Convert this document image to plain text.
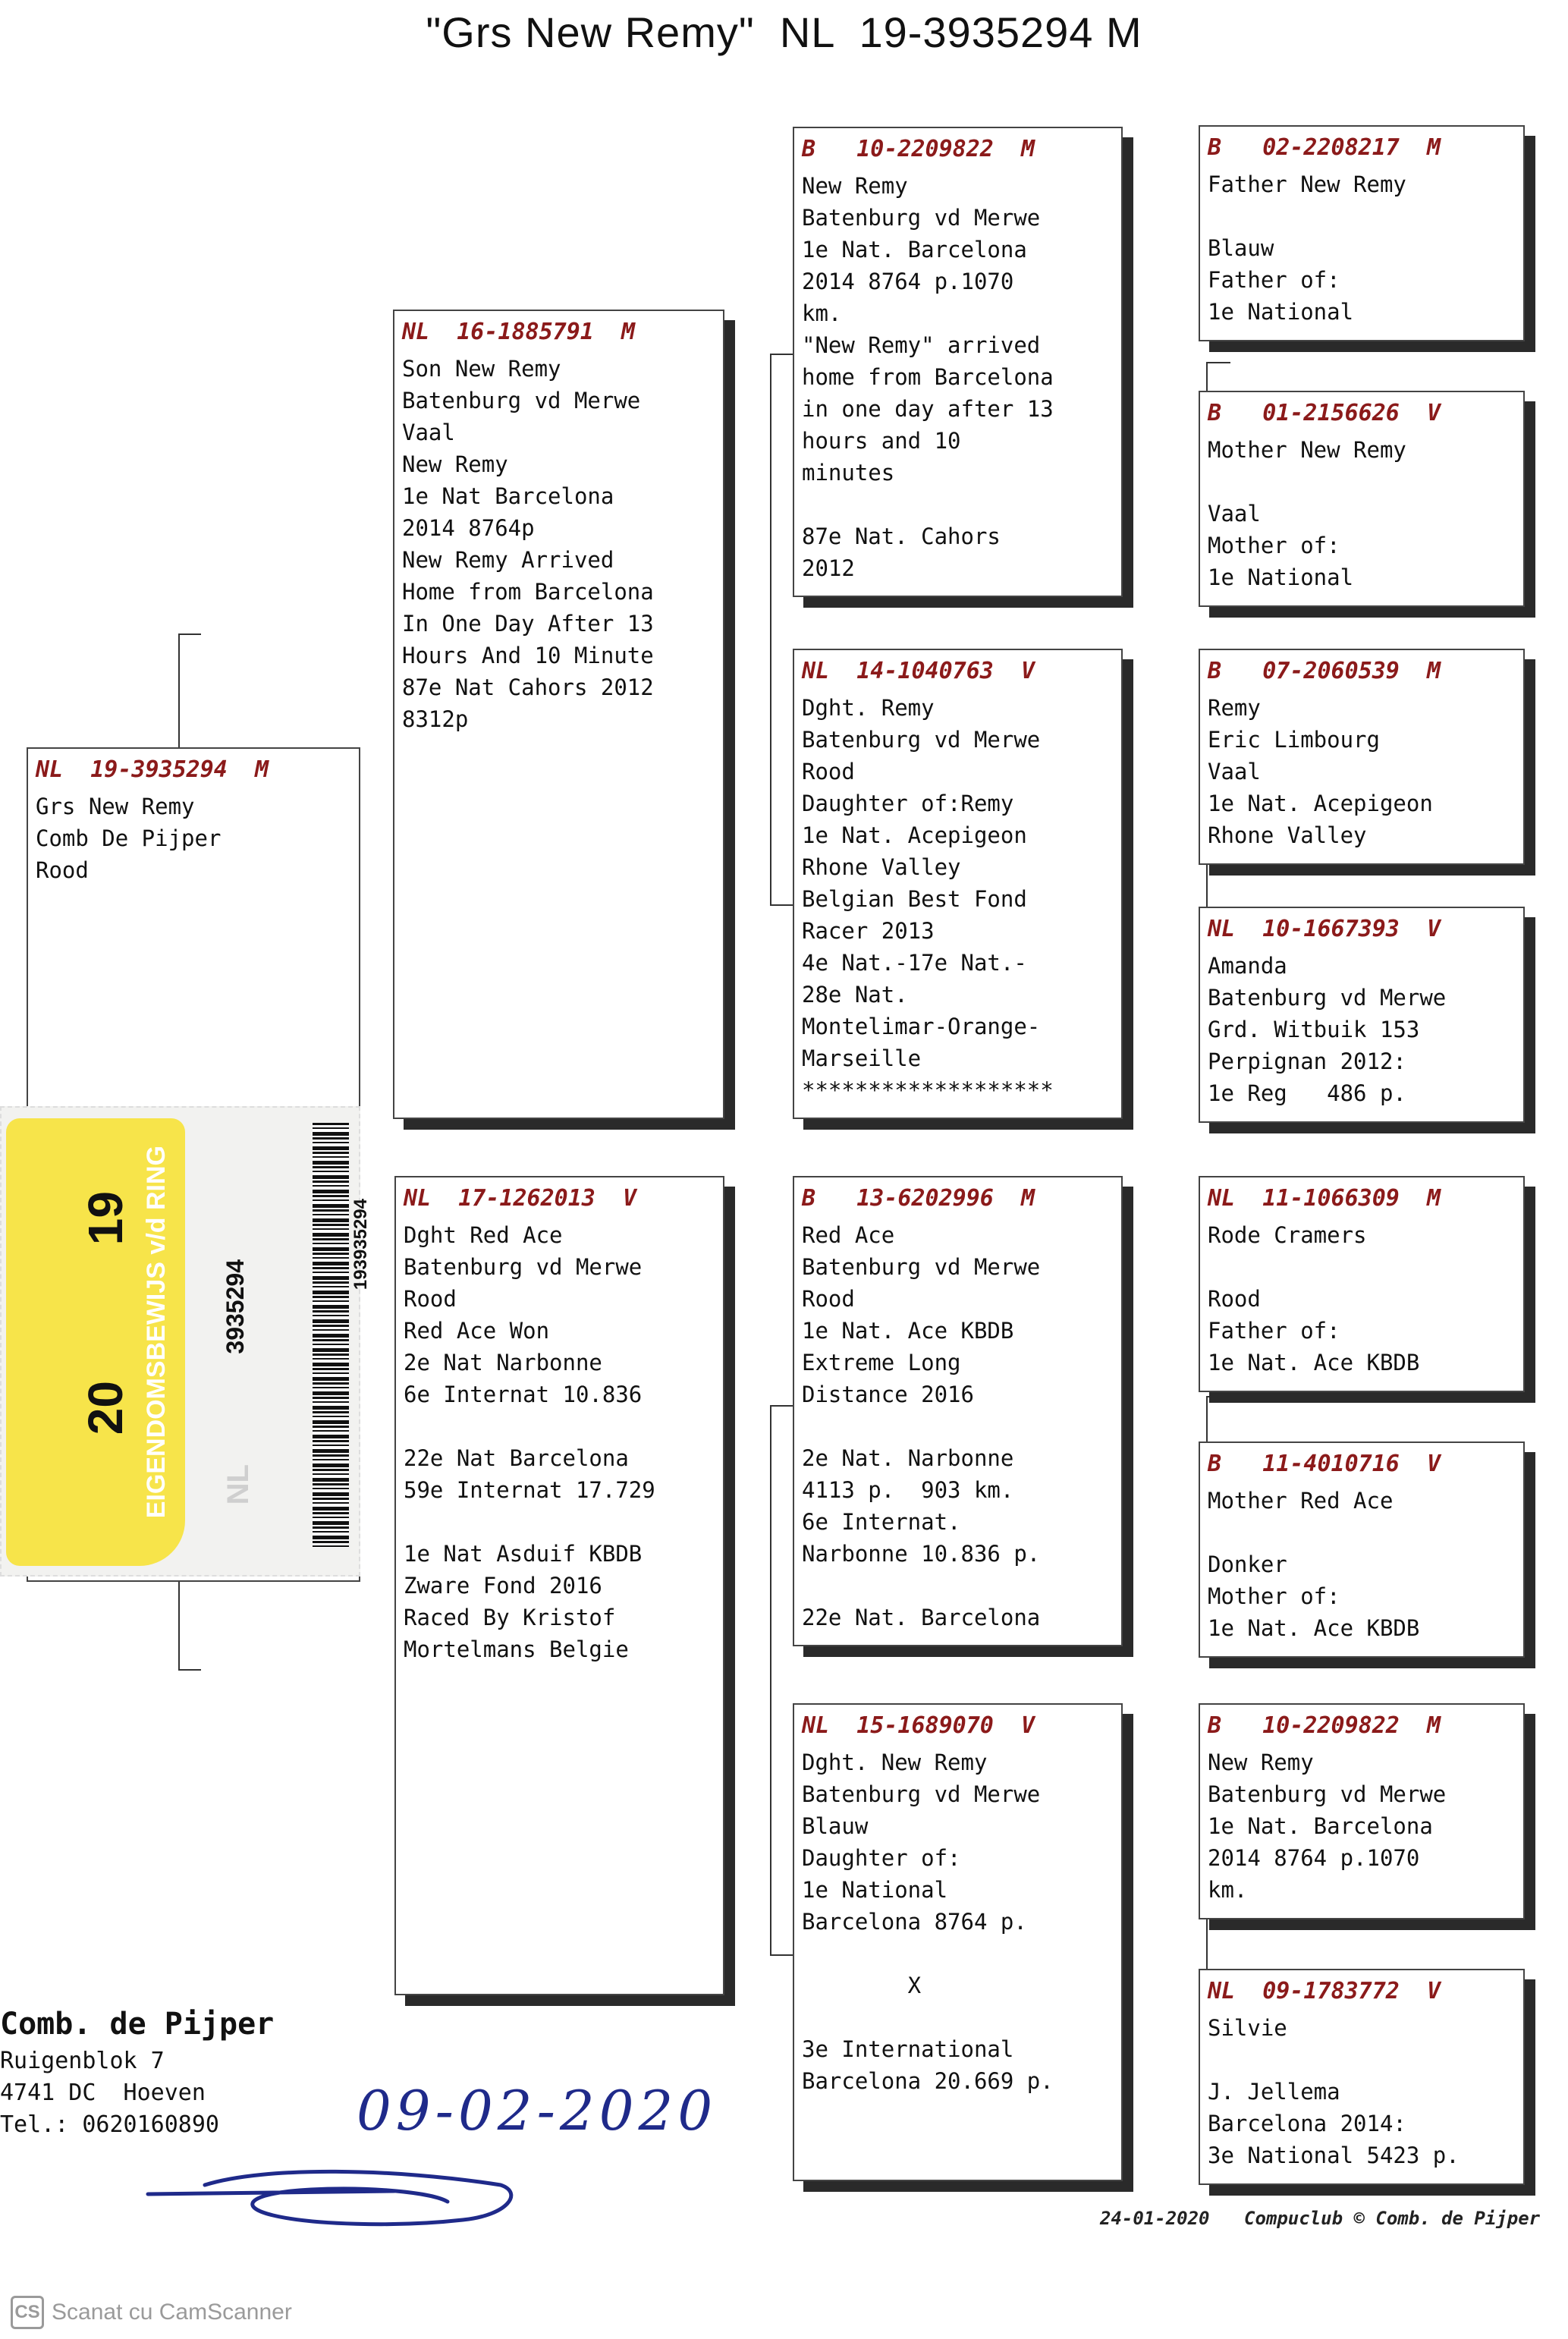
"Grs New Remy"  NL  19-3935294 M
NL  19-3935294  M
Grs New Remy
Comb De Pijper
Rood
20
19 EIGENDOMSBEWIJS v/d RING NL
3935294
193935294
NL  16-1885791  M
Son New Remy
Batenburg vd Merwe
Vaal
New Remy
1e Nat Barcelona
2014 8764p
New Remy Arrived
Home from Barcelona
In One Day After 13
Hours And 10 Minute
87e Nat Cahors 2012
8312p
NL  17-1262013  V
Dght Red Ace
Batenburg vd Merwe
Rood
Red Ace Won
2e Nat Narbonne
6e Internat 10.836
22e Nat Barcelona
59e Internat 17.729
1e Nat Asduif KBDB
Zware Fond 2016
Raced By Kristof
Mortelmans Belgie
B   10-2209822  M
New Remy
Batenburg vd Merwe
1e Nat. Barcelona
2014 8764 p.1070
km.
"New Remy" arrived
home from Barcelona
in one day after 13
hours and 10
minutes
87e Nat. Cahors
2012
NL  14-1040763  V
Dght. Remy
Batenburg vd Merwe
Rood
Daughter of:Remy
1e Nat. Acepigeon
Rhone Valley
Belgian Best Fond
Racer 2013
4e Nat.-17e Nat.-
28e Nat.
Montelimar-Orange-
Marseille
*******************
B   13-6202996  M
Red Ace
Batenburg vd Merwe
Rood
1e Nat. Ace KBDB
Extreme Long
Distance 2016
2e Nat. Narbonne
4113 p.  903 km.
6e Internat.
Narbonne 10.836 p.
22e Nat. Barcelona
NL  15-1689070  V
Dght. New Remy
Batenburg vd Merwe
Blauw
Daughter of:
1e National
Barcelona 8764 p.
X
3e International
Barcelona 20.669 p.
B   02-2208217  M
Father New Remy
Blauw
Father of:
1e National
B   01-2156626  V
Mother New Remy
Vaal
Mother of:
1e National
B   07-2060539  M
Remy
Eric Limbourg
Vaal
1e Nat. Acepigeon
Rhone Valley
NL  10-1667393  V
Amanda
Batenburg vd Merwe
Grd. Witbuik 153
Perpignan 2012:
1e Reg   486 p.
NL  11-1066309  M
Rode Cramers
Rood
Father of:
1e Nat. Ace KBDB
B   11-4010716  V
Mother Red Ace
Donker
Mother of:
1e Nat. Ace KBDB
B   10-2209822  M
New Remy
Batenburg vd Merwe
1e Nat. Barcelona
2014 8764 p.1070
km.
NL  09-1783772  V
Silvie
J. Jellema
Barcelona 2014:
3e National 5423 p.
Comb. de Pijper
Ruigenblok 7
4741 DC  Hoeven
Tel.: 0620160890	09-02-2020
24-01-2020 Compuclub © Comb. de Pijper
CS Scanat cu CamScanner
